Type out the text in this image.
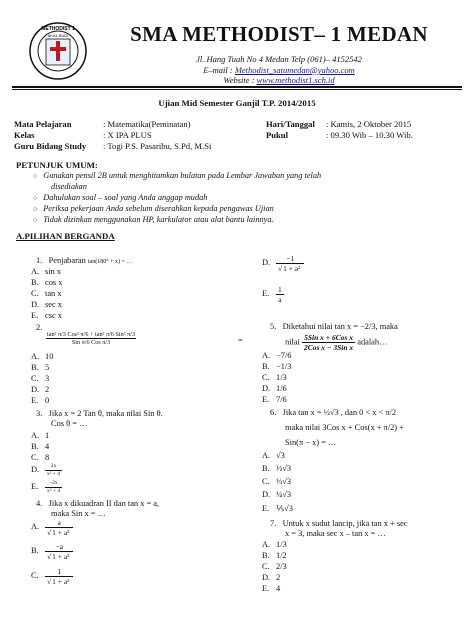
METHODIST 1
AKAL BUDI	SMA METHODIST– 1 MEDAN
Jl. Hang Tuah No 4 Medan Telp (061)– 4152542
E–mail : Methodist_satumedan@yahoo.com
Website : www.methodist1.sch.id
Ujian Mid Semester Ganjil T.P. 2014/2015
Mata Pelajaran	: Matematika(Peminatan)
Kelas	: X IPA PLUS
Guru Bidang Study : Togi P.S. Pasaribu, S.Pd, M.Si
Hari/Tanggal : Kamis, 2 Oktober 2015
Pukul	: 09.30 Wib – 10.30 Wib.
PETUNJUK UMUM:
○ Gunakan pensil 2B untuk menghitamkan bulatan pada Lembar Jawaban yang telah
disediakan
○ Dahulukan soal – soal yang Anda anggap mudah
○ Periksa pekerjaan Anda sebelum diserahkan kepada pengawas Ujian
○ Tidak dizinkan menggunakan HP, karkulator atau alat bantu lainnya.
A.PILIHAN BERGANDA
1. Penjabaran tan(180° + x) = …
A. sin x
B. cos x
C. tan x
D. sec x
E. csc x
2.
tan² π/3 Cos² π/6 + tan² π/6 Sin² π/3
Sin π/6 Cos π/3	=
A. 10
B. 5
C. 3
D. 2
E. 0
3. Jika x = 2 Tan θ, maka nilai Sin θ.
Cos θ = …
A. 1
B. 4
C. 8
D. $\frac{2x}{\text{x² + 4}}$
E. $\frac{-2x}{\text{x² + 4}}$
4. Jika x dikuadran II dan tan x = a,
maka Sin x = …
A. $\frac{a}{\text{√1 + a²}}$
B. $\frac{-a}{\text{√1 + a²}}$
C. $\frac{1}{\text{√1 + a²}}$
D. $\frac{-1}{\text{√1 + a²}}$
E. $\frac{1}{a}$
5. Diketahui nilai tan x = −2/3, maka
nilai $\frac{\text{5Sin x + 6Cos x}}{\text{2Cos x − 3Sin x}}$ adalah…
A. −7/6
B. −1/3
C. 1/3
D. 1/6
E. 7/6
6. Jika tan x = ½√3 , dan 0 < x < π/2
maka nilai 3Cos x + Cos(x + π/2) +
Sin(π − x) = …
A. √3
B. ½√3
C. ⅓√3
D. ¼√3
E. ⅕√3
7. Untuk x sudut lancip, jika tan x + sec
x = 3, maka sec x – tan x = …
A. 1/3
B. 1/2
C. 2/3
D. 2
E. 4
